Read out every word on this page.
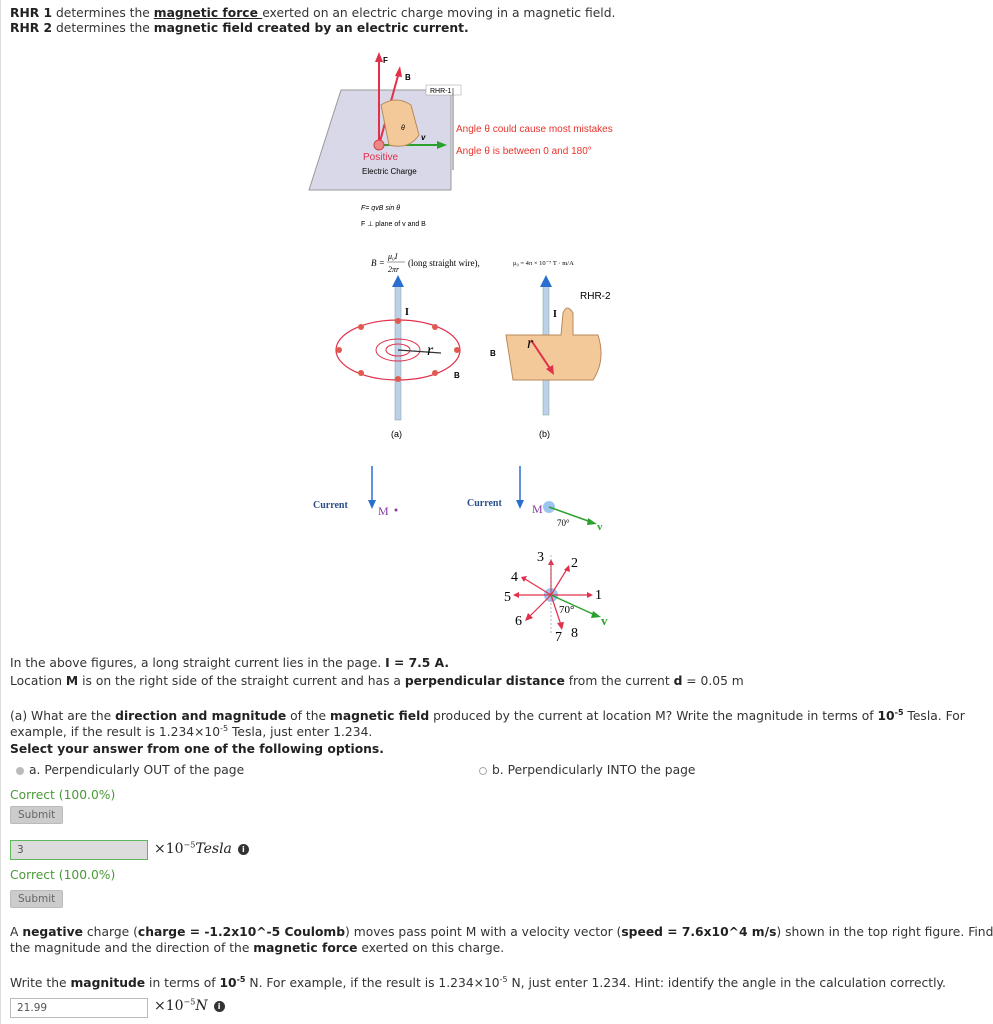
RHR 1 determines the magnetic force exerted on an electric charge moving in a magnetic field.
RHR 2 determines the magnetic field created by an electric current.
F
B
v
θ
RHR-1
Positive
Electric Charge
Angle θ could cause most mistakes
Angle θ is between 0 and 180°
F= qvB sin θ
F ⊥ plane of v and B
B =
μ₀I
2πr
(long straight wire),	μ₀ = 4π × 10⁻⁷ T · m/A
I
r
B
(a)
I
r
B
RHR-2
(b)
Current	M
Current	M
70° v
1
2
3
4
5
6
7 8
70°
v
In the above figures, a long straight current lies in the page. I = 7.5 A.
Location M is on the right side of the straight current and has a perpendicular distance from the current d = 0.05 m
(a) What are the direction and magnitude of the magnetic field produced by the current at location M? Write the magnitude in terms of $10^{-5}$ Tesla. For
example, if the result is $1.234\times 10^{-5}$ Tesla, just enter 1.234.
Select your answer from one of the following options.
a. Perpendicularly OUT of the page	b. Perpendicularly INTO the page
Correct (100.0%)
Submit
3	$\times 10^{-5}Tesla$ i
Correct (100.0%)
Submit
A negative charge (charge = -1.2x10^-5 Coulomb) moves pass point M with a velocity vector (speed = 7.6x10^4 m/s) shown in the top right figure. Find
the magnitude and the direction of the magnetic force exerted on this charge.
Write the magnitude in terms of $10^{-5}$ N. For example, if the result is $1.234\times 10^{-5}$ N, just enter 1.234. Hint: identify the angle in the calculation correctly.
21.99	$\times 10^{-5}N$ i
